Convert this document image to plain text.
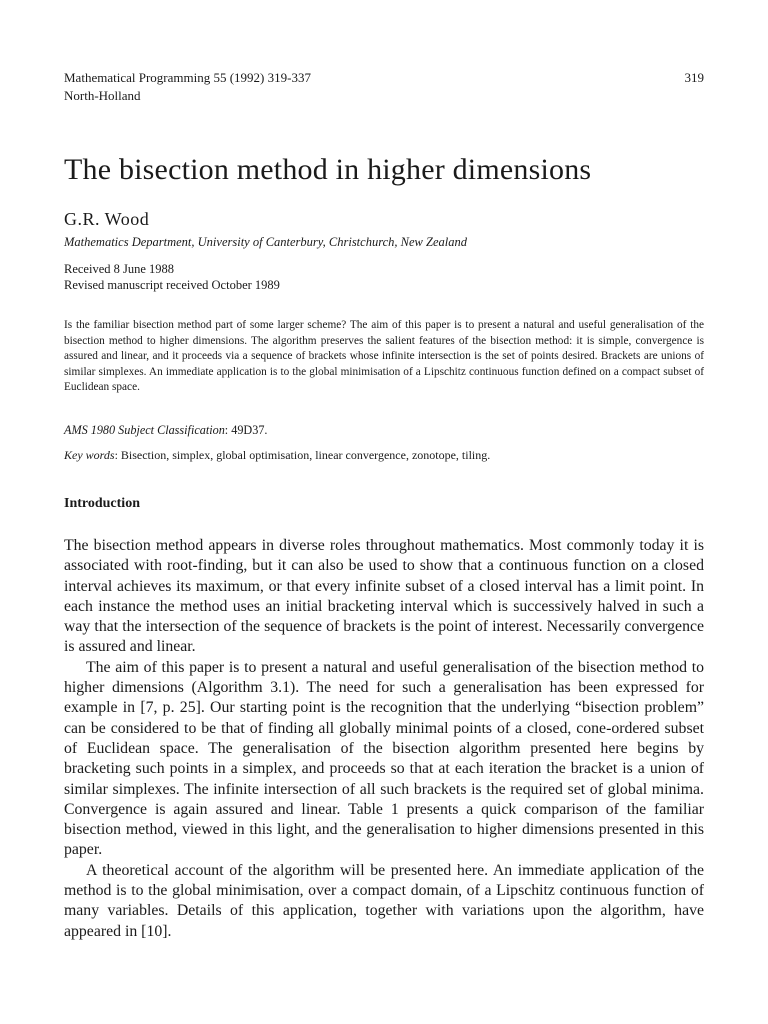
Mathematical Programming 55 (1992) 319-337
North-Holland
319
The bisection method in higher dimensions
G.R. Wood
Mathematics Department, University of Canterbury, Christchurch, New Zealand
Received 8 June 1988
Revised manuscript received October 1989

Is the familiar bisection method part of some larger scheme? The aim of this paper is to present a natural and useful generalisation of the bisection method to higher dimensions. The algorithm preserves the salient features of the bisection method: it is simple, convergence is assured and linear, and it proceeds via a sequence of brackets whose infinite intersection is the set of points desired. Brackets are unions of similar simplexes. An immediate application is to the global minimisation of a Lipschitz continuous function defined on a compact subset of Euclidean space.

AMS 1980 Subject Classification: 49D37.
Key words: Bisection, simplex, global optimisation, linear convergence, zonotope, tiling.
Introduction

The bisection method appears in diverse roles throughout mathematics. Most commonly today it is associated with root-finding, but it can also be used to show that a continuous function on a closed interval achieves its maximum, or that every infinite subset of a closed interval has a limit point. In each instance the method uses an initial bracketing interval which is successively halved in such a way that the intersection of the sequence of brackets is the point of interest. Necessarily convergence is assured and linear.

The aim of this paper is to present a natural and useful generalisation of the bisection method to higher dimensions (Algorithm 3.1). The need for such a generalisation has been expressed for example in [7, p. 25]. Our starting point is the recognition that the underlying “bisection problem” can be considered to be that of finding all globally minimal points of a closed, cone-ordered subset of Euclidean space. The generalisation of the bisection algorithm presented here begins by bracketing such points in a simplex, and proceeds so that at each iteration the bracket is a union of similar simplexes. The infinite intersection of all such brackets is the required set of global minima. Convergence is again assured and linear. Table 1 presents a quick comparison of the familiar bisection method, viewed in this light, and the generalisation to higher dimensions presented in this paper.

A theoretical account of the algorithm will be presented here. An immediate application of the method is to the global minimisation, over a compact domain, of a Lipschitz continuous function of many variables. Details of this application, together with variations upon the algorithm, have appeared in [10].
